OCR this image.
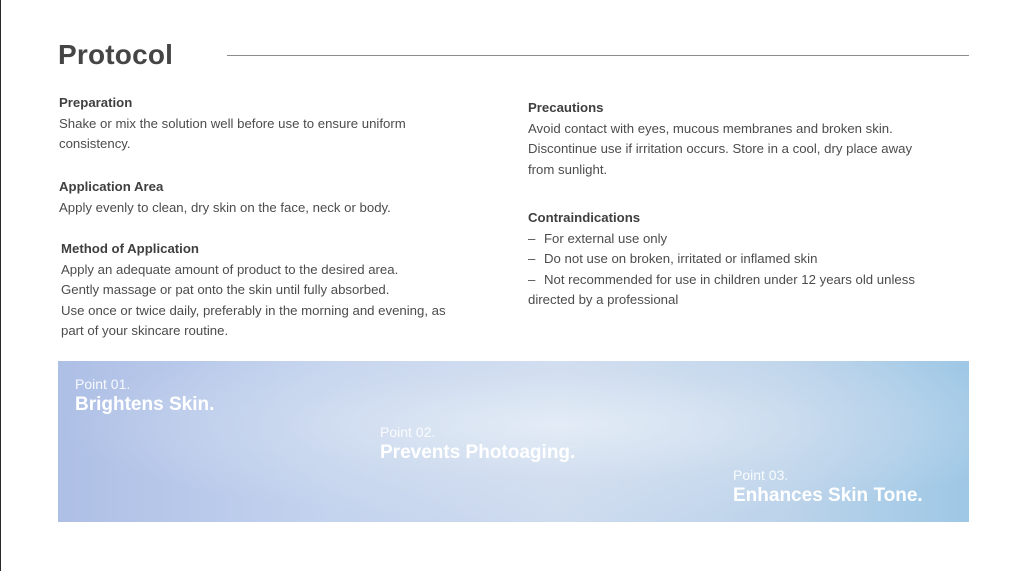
Protocol
Preparation

Shake or mix the solution well before use to ensure uniform

consistency.

Application Area

Apply evenly to clean, dry skin on the face, neck or body.

Method of Application

Apply an adequate amount of product to the desired area.

Gently massage or pat onto the skin until fully absorbed.

Use once or twice daily, preferably in the morning and evening, as

part of your skincare routine.

Precautions

Avoid contact with eyes, mucous membranes and broken skin.

Discontinue use if irritation occurs. Store in a cool, dry place away

from sunlight.

Contraindications

– For external use only

– Do not use on broken, irritated or inflamed skin

– Not recommended for use in children under 12 years old unless

directed by a professional

Point 01.
Brightens Skin.
Point 02.
Prevents Photoaging.
Point 03.
Enhances Skin Tone.
